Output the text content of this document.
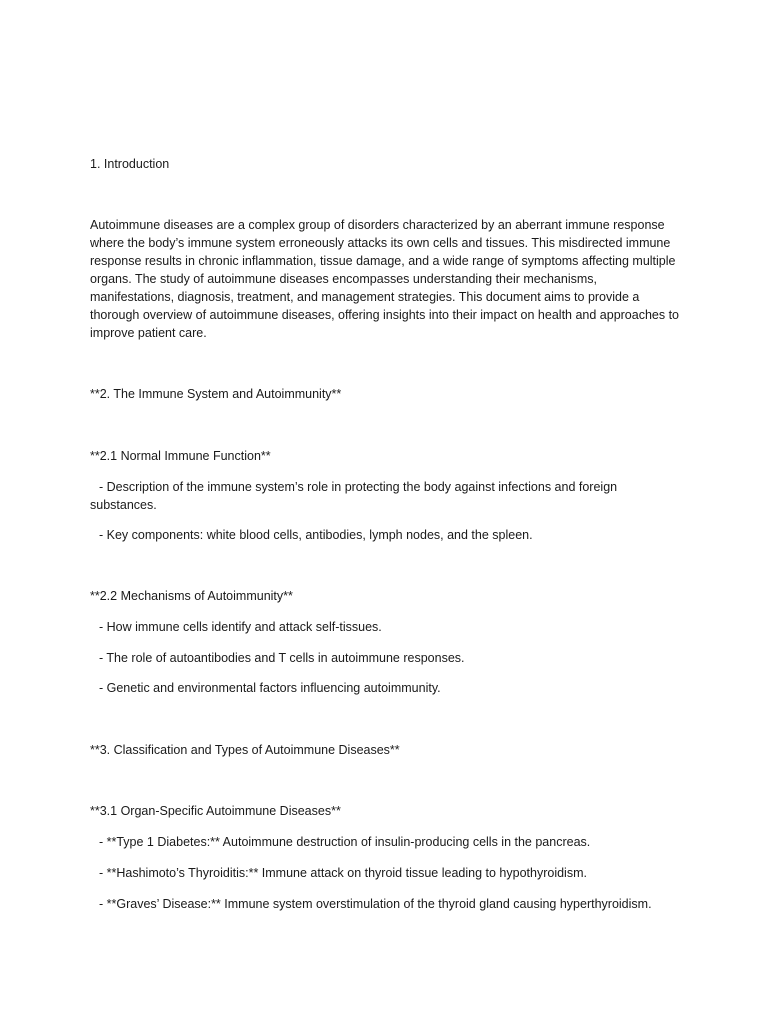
1. Introduction
Autoimmune diseases are a complex group of disorders characterized by an aberrant immune response where the body’s immune system erroneously attacks its own cells and tissues. This misdirected immune response results in chronic inflammation, tissue damage, and a wide range of symptoms affecting multiple organs. The study of autoimmune diseases encompasses understanding their mechanisms, manifestations, diagnosis, treatment, and management strategies. This document aims to provide a thorough overview of autoimmune diseases, offering insights into their impact on health and approaches to improve patient care.
**2. The Immune System and Autoimmunity**
**2.1 Normal Immune Function**
- Description of the immune system’s role in protecting the body against infections and foreign substances.
- Key components: white blood cells, antibodies, lymph nodes, and the spleen.
**2.2 Mechanisms of Autoimmunity**
- How immune cells identify and attack self-tissues.
- The role of autoantibodies and T cells in autoimmune responses.
- Genetic and environmental factors influencing autoimmunity.
**3. Classification and Types of Autoimmune Diseases**
**3.1 Organ-Specific Autoimmune Diseases**
- **Type 1 Diabetes:** Autoimmune destruction of insulin-producing cells in the pancreas.
- **Hashimoto’s Thyroiditis:** Immune attack on thyroid tissue leading to hypothyroidism.
- **Graves’ Disease:** Immune system overstimulation of the thyroid gland causing hyperthyroidism.
